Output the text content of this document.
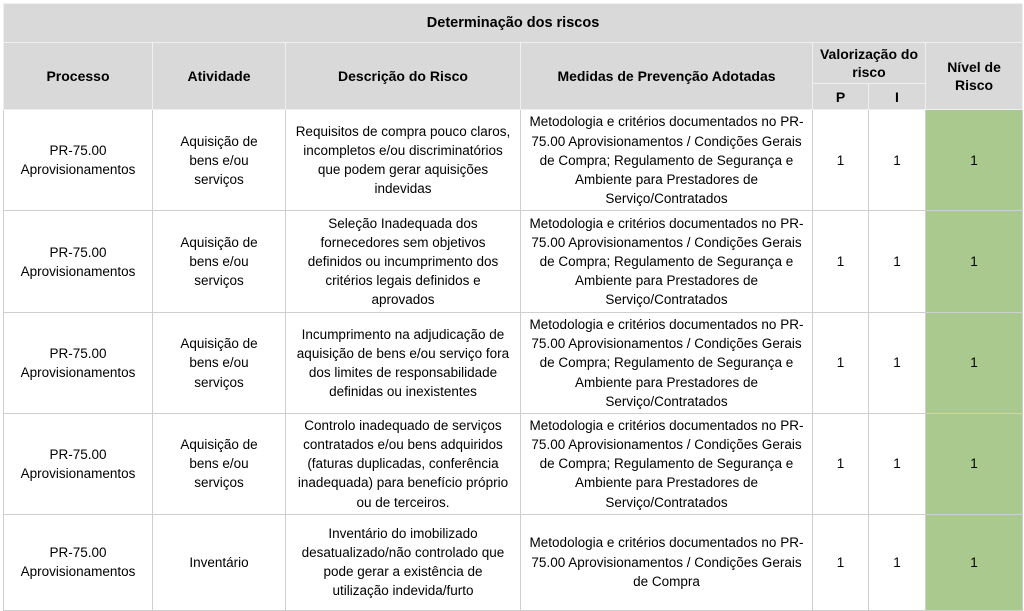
Determinação dos riscos						
Processo	Atividade	Descrição do Risco	Medidas de Prevenção Adotadas	Valorização do risco		Nível de Risco
				P	I	
PR-75.00 Aprovisionamentos	Aquisição de bens e/ou serviços	Requisitos de compra pouco claros, incompletos e/ou discriminatórios que podem gerar aquisições indevidas	Metodologia e critérios documentados no PR-75.00 Aprovisionamentos / Condições Gerais de Compra; Regulamento de Segurança e Ambiente para Prestadores de Serviço/Contratados	1	1	1
PR-75.00 Aprovisionamentos	Aquisição de bens e/ou serviços	Seleção Inadequada dos fornecedores sem objetivos definidos ou incumprimento dos critérios legais definidos e aprovados	Metodologia e critérios documentados no PR-75.00 Aprovisionamentos / Condições Gerais de Compra; Regulamento de Segurança e Ambiente para Prestadores de Serviço/Contratados	1	1	1
PR-75.00 Aprovisionamentos	Aquisição de bens e/ou serviços	Incumprimento na adjudicação de aquisição de bens e/ou serviço fora dos limites de responsabilidade definidas ou inexistentes	Metodologia e critérios documentados no PR-75.00 Aprovisionamentos / Condições Gerais de Compra; Regulamento de Segurança e Ambiente para Prestadores de Serviço/Contratados	1	1	1
PR-75.00 Aprovisionamentos	Aquisição de bens e/ou serviços	Controlo inadequado de serviços contratados e/ou bens adquiridos (faturas duplicadas, conferência inadequada) para benefício próprio ou de terceiros.	Metodologia e critérios documentados no PR-75.00 Aprovisionamentos / Condições Gerais de Compra; Regulamento de Segurança e Ambiente para Prestadores de Serviço/Contratados	1	1	1
PR-75.00 Aprovisionamentos	Inventário	Inventário do imobilizado desatualizado/não controlado que pode gerar a existência de utilização indevida/furto	Metodologia e critérios documentados no PR-75.00 Aprovisionamentos / Condições Gerais de Compra	1	1	1
